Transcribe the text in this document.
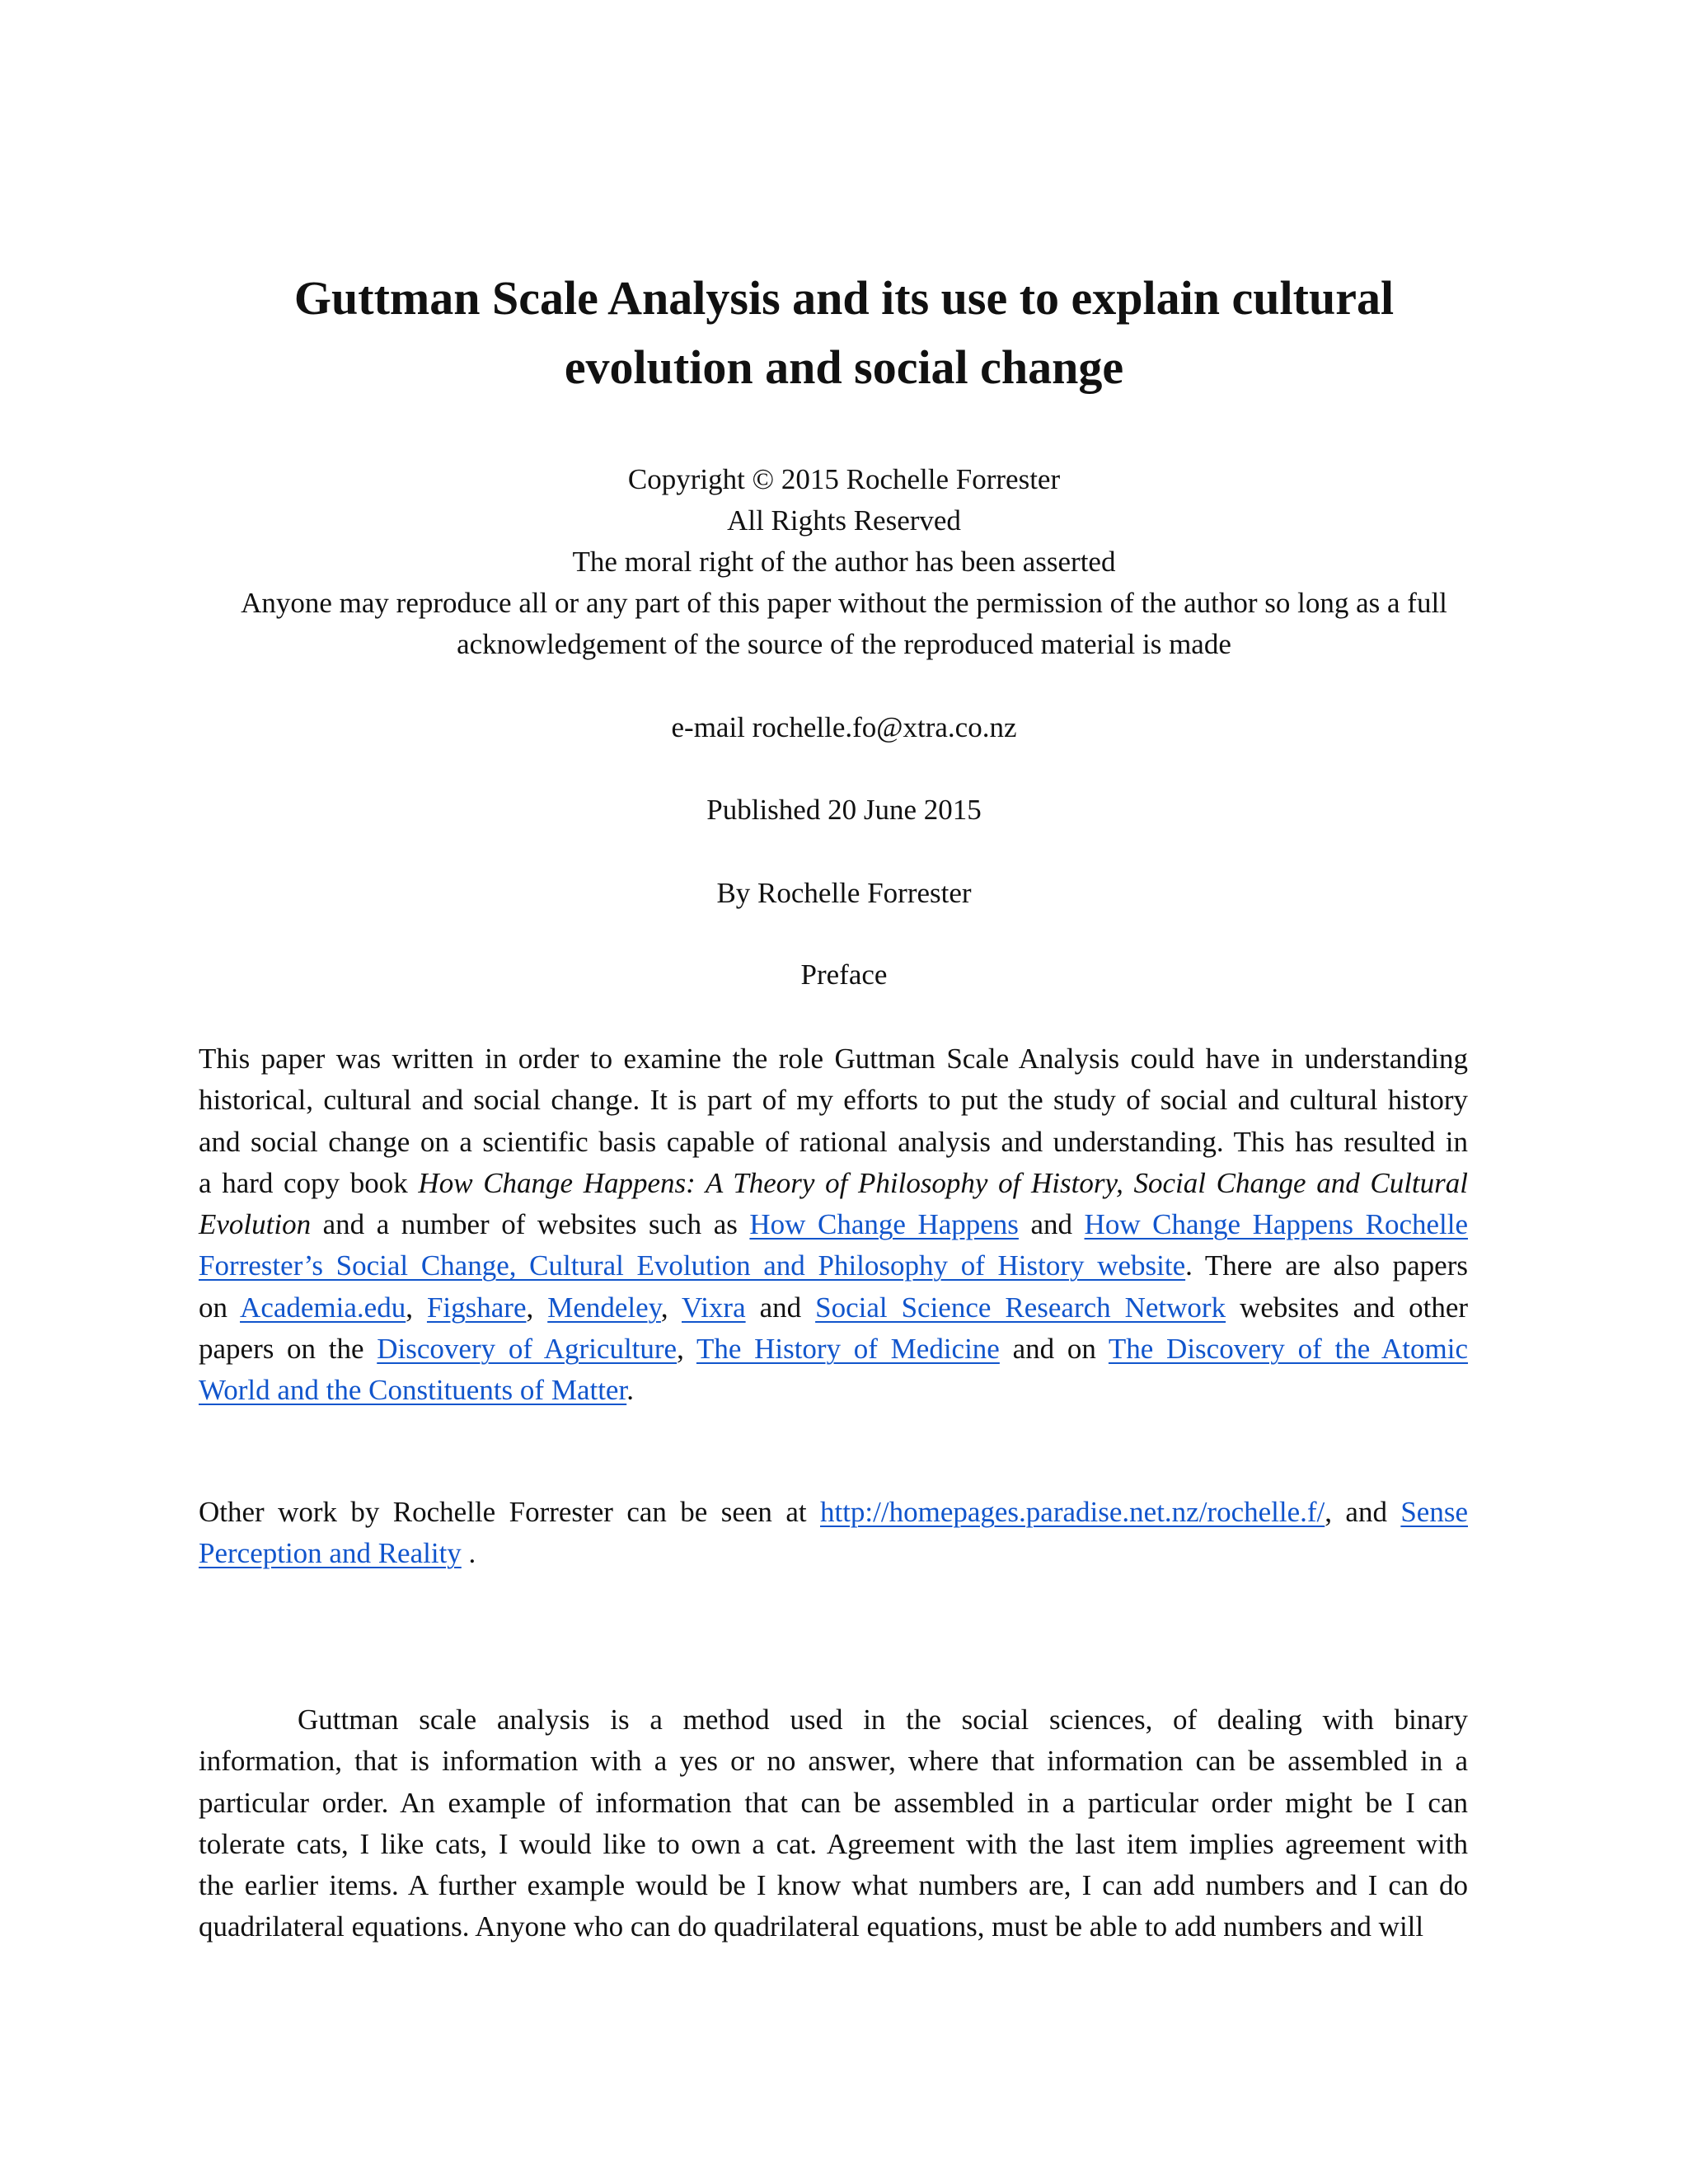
Guttman Scale Analysis and its use to explain cultural
evolution and social change
Copyright © 2015 Rochelle Forrester
All Rights Reserved
The moral right of the author has been asserted
Anyone may reproduce all or any part of this paper without the permission of the author so long as a full
acknowledgement of the source of the reproduced material is made
e-mail rochelle.fo@xtra.co.nz
Published 20 June 2015
By Rochelle Forrester
Preface
This paper was written in order to examine the role Guttman Scale Analysis could have in understanding
historical, cultural and social change. It is part of my efforts to put the study of social and cultural history
and social change on a scientific basis capable of rational analysis and understanding. This has resulted in
a hard copy book How Change Happens: A Theory of Philosophy of History, Social Change and Cultural
Evolution and a number of websites such as How Change Happens and How Change Happens Rochelle
Forrester’s Social Change, Cultural Evolution and Philosophy of History website. There are also papers
on Academia.edu, Figshare, Mendeley, Vixra and Social Science Research Network websites and other
papers on the Discovery of Agriculture, The History of Medicine and on The Discovery of the Atomic
World and the Constituents of Matter.
Other work by Rochelle Forrester can be seen at http://homepages.paradise.net.nz/rochelle.f/, and Sense
Perception and Reality .
Guttman scale analysis is a method used in the social sciences, of dealing with binary
information, that is information with a yes or no answer, where that information can be assembled in a
particular order. An example of information that can be assembled in a particular order might be I can
tolerate cats, I like cats, I would like to own a cat. Agreement with the last item implies agreement with
the earlier items. A further example would be I know what numbers are, I can add numbers and I can do
quadrilateral equations. Anyone who can do quadrilateral equations, must be able to add numbers and will
